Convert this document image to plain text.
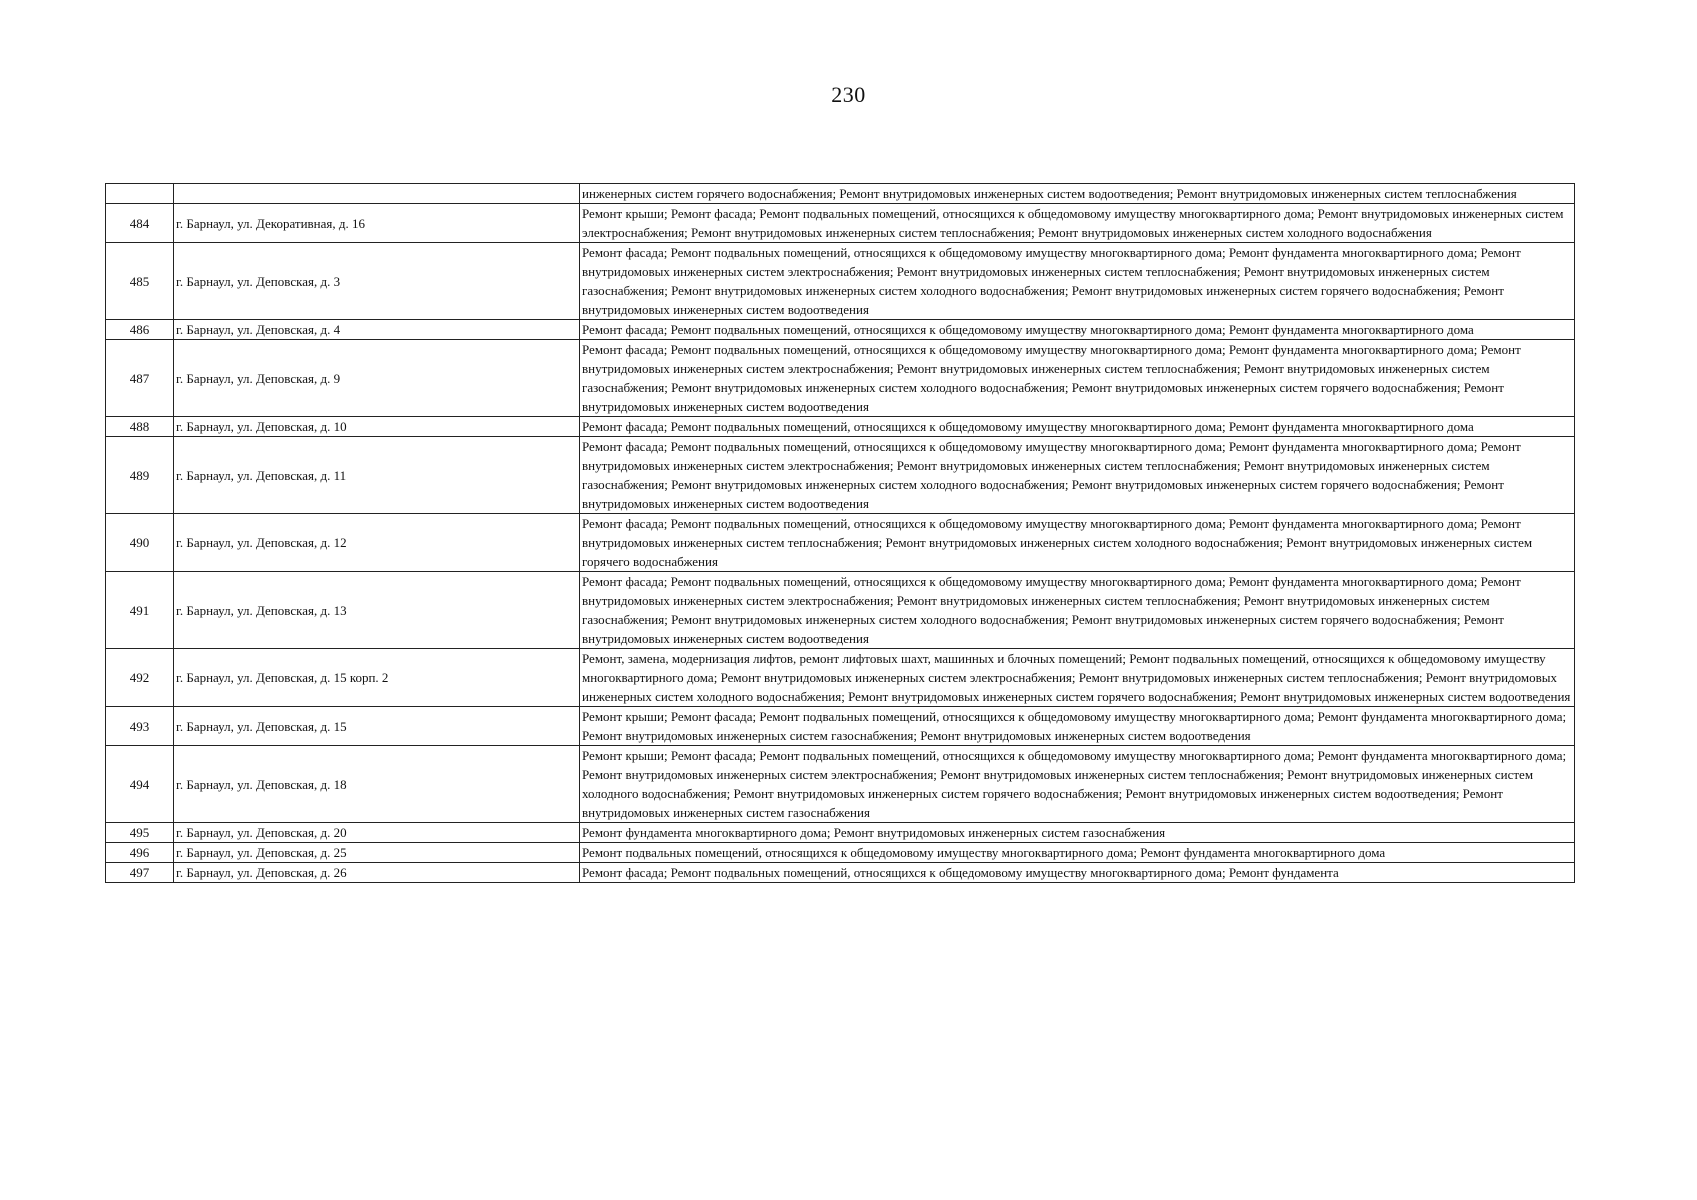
230
		инженерных систем горячего водоснабжения; Ремонт внутридомовых инженерных систем водоотведения; Ремонт внутридомовых инженерных систем теплоснабжения
484	г. Барнаул, ул. Декоративная, д. 16	Ремонт крыши; Ремонт фасада; Ремонт подвальных помещений, относящихся к общедомовому имуществу многоквартирного дома; Ремонт внутридомовых инженерных систем электроснабжения; Ремонт внутридомовых инженерных систем теплоснабжения; Ремонт внутридомовых инженерных систем холодного водоснабжения
485	г. Барнаул, ул. Деповская, д. 3	Ремонт фасада; Ремонт подвальных помещений, относящихся к общедомовому имуществу многоквартирного дома; Ремонт фундамента многоквартирного дома; Ремонт внутридомовых инженерных систем электроснабжения; Ремонт внутридомовых инженерных систем теплоснабжения; Ремонт внутридомовых инженерных систем газоснабжения; Ремонт внутридомовых инженерных систем холодного водоснабжения; Ремонт внутридомовых инженерных систем горячего водоснабжения; Ремонт внутридомовых инженерных систем водоотведения
486	г. Барнаул, ул. Деповская, д. 4	Ремонт фасада; Ремонт подвальных помещений, относящихся к общедомовому имуществу многоквартирного дома; Ремонт фундамента многоквартирного дома
487	г. Барнаул, ул. Деповская, д. 9	Ремонт фасада; Ремонт подвальных помещений, относящихся к общедомовому имуществу многоквартирного дома; Ремонт фундамента многоквартирного дома; Ремонт внутридомовых инженерных систем электроснабжения; Ремонт внутридомовых инженерных систем теплоснабжения; Ремонт внутридомовых инженерных систем газоснабжения; Ремонт внутридомовых инженерных систем холодного водоснабжения; Ремонт внутридомовых инженерных систем горячего водоснабжения; Ремонт внутридомовых инженерных систем водоотведения
488	г. Барнаул, ул. Деповская, д. 10	Ремонт фасада; Ремонт подвальных помещений, относящихся к общедомовому имуществу многоквартирного дома; Ремонт фундамента многоквартирного дома
489	г. Барнаул, ул. Деповская, д. 11	Ремонт фасада; Ремонт подвальных помещений, относящихся к общедомовому имуществу многоквартирного дома; Ремонт фундамента многоквартирного дома; Ремонт внутридомовых инженерных систем электроснабжения; Ремонт внутридомовых инженерных систем теплоснабжения; Ремонт внутридомовых инженерных систем газоснабжения; Ремонт внутридомовых инженерных систем холодного водоснабжения; Ремонт внутридомовых инженерных систем горячего водоснабжения; Ремонт внутридомовых инженерных систем водоотведения
490	г. Барнаул, ул. Деповская, д. 12	Ремонт фасада; Ремонт подвальных помещений, относящихся к общедомовому имуществу многоквартирного дома; Ремонт фундамента многоквартирного дома; Ремонт внутридомовых инженерных систем теплоснабжения; Ремонт внутридомовых инженерных систем холодного водоснабжения; Ремонт внутридомовых инженерных систем горячего водоснабжения
491	г. Барнаул, ул. Деповская, д. 13	Ремонт фасада; Ремонт подвальных помещений, относящихся к общедомовому имуществу многоквартирного дома; Ремонт фундамента многоквартирного дома; Ремонт внутридомовых инженерных систем электроснабжения; Ремонт внутридомовых инженерных систем теплоснабжения; Ремонт внутридомовых инженерных систем газоснабжения; Ремонт внутридомовых инженерных систем холодного водоснабжения; Ремонт внутридомовых инженерных систем горячего водоснабжения; Ремонт внутридомовых инженерных систем водоотведения
492	г. Барнаул, ул. Деповская, д. 15 корп. 2	Ремонт, замена, модернизация лифтов, ремонт лифтовых шахт, машинных и блочных помещений; Ремонт подвальных помещений, относящихся к общедомовому имуществу многоквартирного дома; Ремонт внутридомовых инженерных систем электроснабжения; Ремонт внутридомовых инженерных систем теплоснабжения; Ремонт внутридомовых инженерных систем холодного водоснабжения; Ремонт внутридомовых инженерных систем горячего водоснабжения; Ремонт внутридомовых инженерных систем водоотведения
493	г. Барнаул, ул. Деповская, д. 15	Ремонт крыши; Ремонт фасада; Ремонт подвальных помещений, относящихся к общедомовому имуществу многоквартирного дома; Ремонт фундамента многоквартирного дома; Ремонт внутридомовых инженерных систем газоснабжения; Ремонт внутридомовых инженерных систем водоотведения
494	г. Барнаул, ул. Деповская, д. 18	Ремонт крыши; Ремонт фасада; Ремонт подвальных помещений, относящихся к общедомовому имуществу многоквартирного дома; Ремонт фундамента многоквартирного дома; Ремонт внутридомовых инженерных систем электроснабжения; Ремонт внутридомовых инженерных систем теплоснабжения; Ремонт внутридомовых инженерных систем холодного водоснабжения; Ремонт внутридомовых инженерных систем горячего водоснабжения; Ремонт внутридомовых инженерных систем водоотведения; Ремонт внутридомовых инженерных систем газоснабжения
495	г. Барнаул, ул. Деповская, д. 20	Ремонт фундамента многоквартирного дома; Ремонт внутридомовых инженерных систем газоснабжения
496	г. Барнаул, ул. Деповская, д. 25	Ремонт подвальных помещений, относящихся к общедомовому имуществу многоквартирного дома; Ремонт фундамента многоквартирного дома
497	г. Барнаул, ул. Деповская, д. 26	Ремонт фасада; Ремонт подвальных помещений, относящихся к общедомовому имуществу многоквартирного дома; Ремонт фундамента
